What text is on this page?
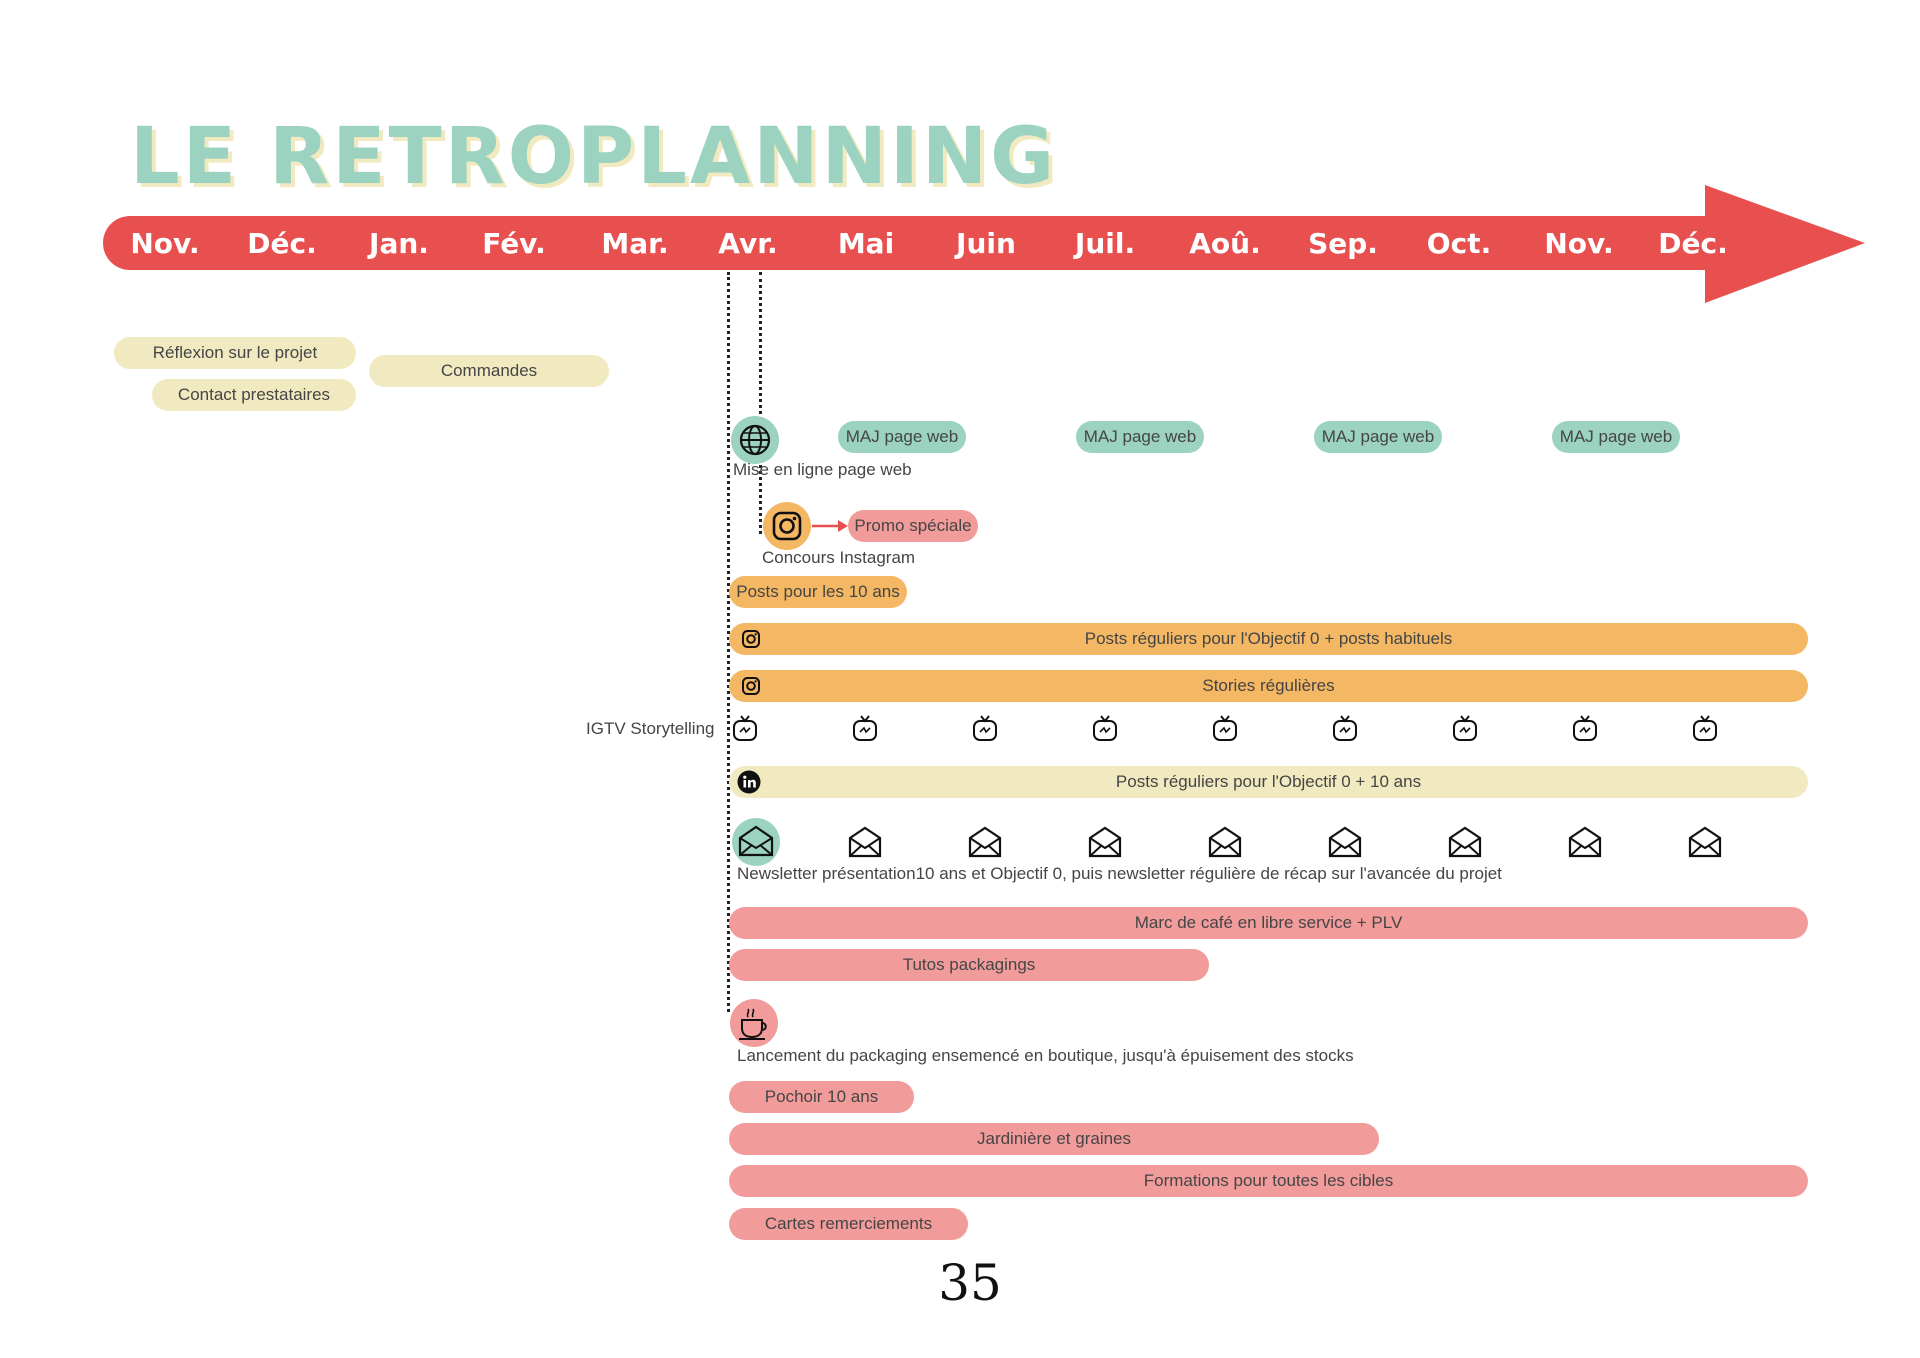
LE RETROPLANNING
Nov.	Déc.	Jan.	Fév.	Mar.	Avr.	Mai	Juin	Juil.	Aoû.	Sep.	Oct.	Nov.	Déc.
Réflexion sur le projet
Contact prestataires
Commandes
Mise en ligne page web
MAJ page web	MAJ page web	MAJ page web	MAJ page web
Promo spéciale
Concours Instagram
Posts pour les 10 ans
Posts réguliers pour l'Objectif 0 + posts habituels
Stories régulières
IGTV Storytelling
Posts réguliers pour l'Objectif 0 + 10 ans
Newsletter présentation10 ans et Objectif 0, puis newsletter régulière de récap sur l'avancée du projet
Marc de café en libre service + PLV
Tutos packagings
Lancement du packaging ensemencé en boutique, jusqu'à épuisement des stocks
Pochoir 10 ans
Jardinière et graines
Formations pour toutes les cibles
Cartes remerciements
35
